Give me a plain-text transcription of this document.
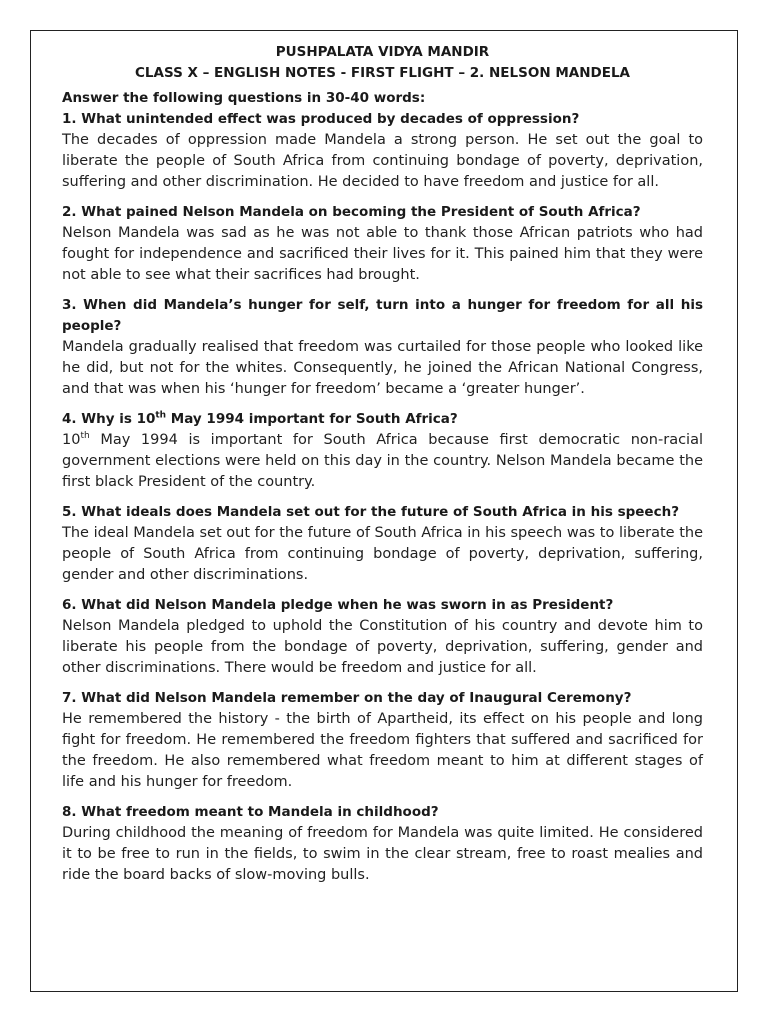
PUSHPALATA VIDYA MANDIR
CLASS X – ENGLISH NOTES - FIRST FLIGHT – 2. NELSON MANDELA
Answer the following questions in 30-40 words:
1. What unintended effect was produced by decades of oppression?
The decades of oppression made Mandela a strong person. He set out the goal to liberate the people of South Africa from continuing bondage of poverty, deprivation, suffering and other discrimination. He decided to have freedom and justice for all.
2. What pained Nelson Mandela on becoming the President of South Africa?
Nelson Mandela was sad as he was not able to thank those African patriots who had fought for independence and sacrificed their lives for it. This pained him that they were not able to see what their sacrifices had brought.
3. When did Mandela’s hunger for self, turn into a hunger for freedom for all his people?
Mandela gradually realised that freedom was curtailed for those people who looked like he did, but not for the whites. Consequently, he joined the African National Congress, and that was when his ‘hunger for freedom’ became a ‘greater hunger’.
4. Why is 10th May 1994 important for South Africa?
10th May 1994 is important for South Africa because first democratic non-racial government elections were held on this day in the country. Nelson Mandela became the first black President of the country.
5. What ideals does Mandela set out for the future of South Africa in his speech?
The ideal Mandela set out for the future of South Africa in his speech was to liberate the people of South Africa from continuing bondage of poverty, deprivation, suffering, gender and other discriminations.
6. What did Nelson Mandela pledge when he was sworn in as President?
Nelson Mandela pledged to uphold the Constitution of his country and devote him to liberate his people from the bondage of poverty, deprivation, suffering, gender and other discriminations. There would be freedom and justice for all.
7. What did Nelson Mandela remember on the day of Inaugural Ceremony?
He remembered the history - the birth of Apartheid, its effect on his people and long fight for freedom. He remembered the freedom fighters that suffered and sacrificed for the freedom. He also remembered what freedom meant to him at different stages of life and his hunger for freedom.
8. What freedom meant to Mandela in childhood?
During childhood the meaning of freedom for Mandela was quite limited. He considered it to be free to run in the fields, to swim in the clear stream, free to roast mealies and ride the board backs of slow-moving bulls.
